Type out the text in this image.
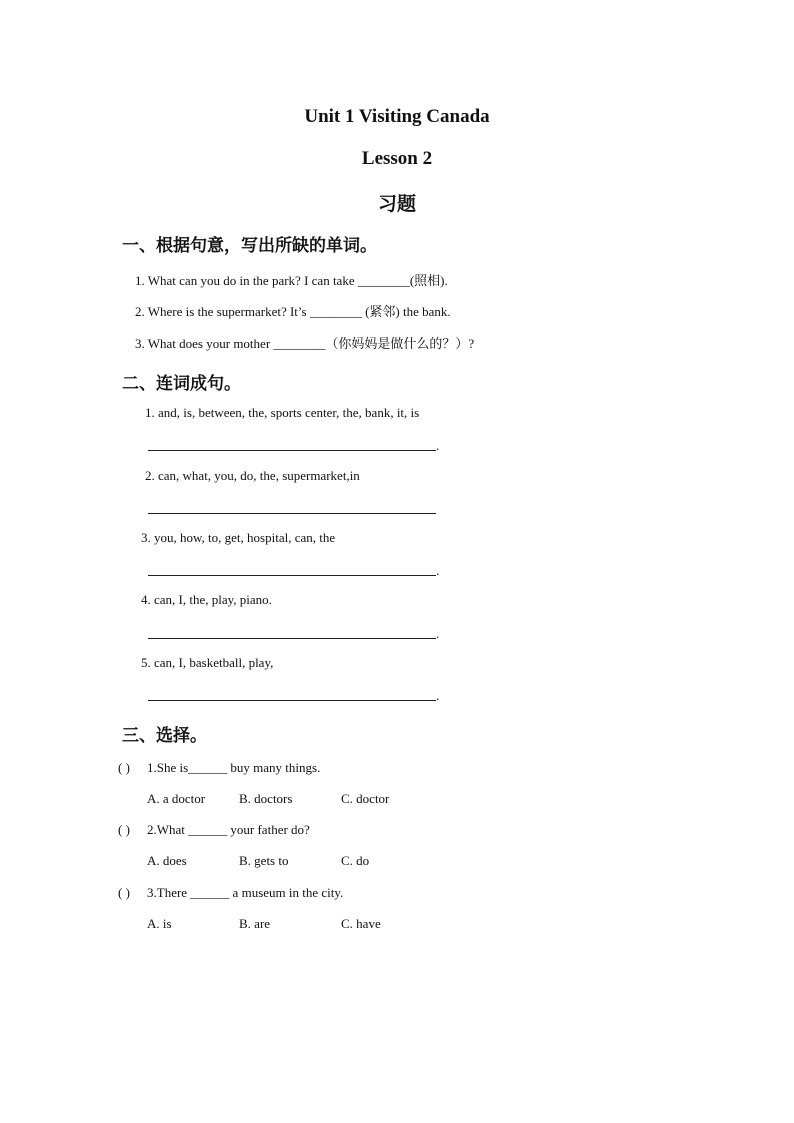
Unit 1 Visiting Canada
Lesson 2
习题
一、根据句意，写出所缺的单词。
1. What can you do in the park? I can take ________(照相).
2. Where is the supermarket? It’s ________ (紧邻) the bank.
3. What does your mother ________（你妈妈是做什么的？）?
二、连词成句。
1. and, is, between, the, sports center, the, bank, it, is
.
2. can, what, you, do, the, supermarket,in
3. you, how, to, get, hospital, can, the
.
4. can, I, the, play, piano.
.
5. can, I, basketball, play,
.
三、选择。
( ) 1.She is______ buy many things.
A. a doctor	B. doctors	C. doctor
( ) 2.What ______ your father do?
A. does	B. gets to	C. do
( ) 3.There ______ a museum in the city.
A. is	B. are	C. have
